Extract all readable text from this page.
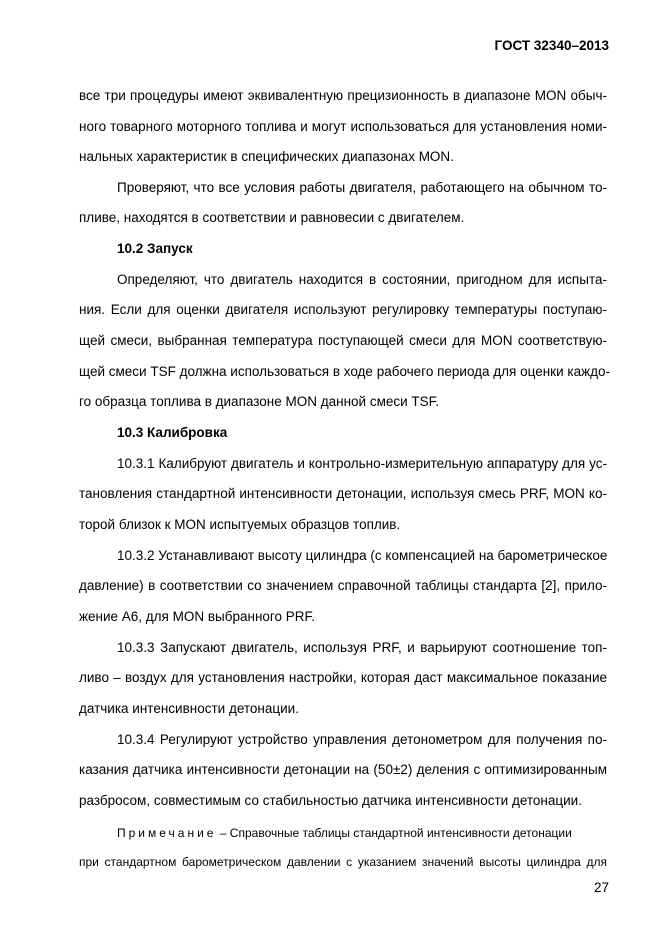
ГОСТ 32340–2013
все три процедуры имеют эквивалентную прецизионность в диапазоне MON обыч-
ного товарного моторного топлива и могут использоваться для установления номи-
нальных характеристик в специфических диапазонах MON.
Проверяют, что все условия работы двигателя, работающего на обычном то-
пливе, находятся в соответствии и равновесии с двигателем.
10.2 Запуск
Определяют, что двигатель находится в состоянии, пригодном для испыта-
ния. Если для оценки двигателя используют регулировку температуры поступаю-
щей смеси, выбранная температура поступающей смеси для MON соответствую-
щей смеси TSF должна использоваться в ходе рабочего периода для оценки каждо-
го образца топлива в диапазоне MON данной смеси TSF.
10.3 Калибровка
10.3.1 Калибруют двигатель и контрольно-измерительную аппаратуру для ус-
тановления стандартной интенсивности детонации, используя смесь PRF, MON ко-
торой близок к MON испытуемых образцов топлив.
10.3.2 Устанавливают высоту цилиндра (с компенсацией на барометрическое
давление) в соответствии со значением справочной таблицы стандарта [2], прило-
жение А6, для MON выбранного PRF.
10.3.3 Запускают двигатель, используя PRF, и варьируют соотношение топ-
ливо – воздух для установления настройки, которая даст максимальное показание
датчика интенсивности детонации.
10.3.4 Регулируют устройство управления детонометром для получения по-
казания датчика интенсивности детонации на (50±2) деления с оптимизированным
разбросом, совместимым со стабильностью датчика интенсивности детонации.
Примечание – Справочные таблицы стандартной интенсивности детонации
при стандартном барометрическом давлении с указанием значений высоты цилиндра для
27
